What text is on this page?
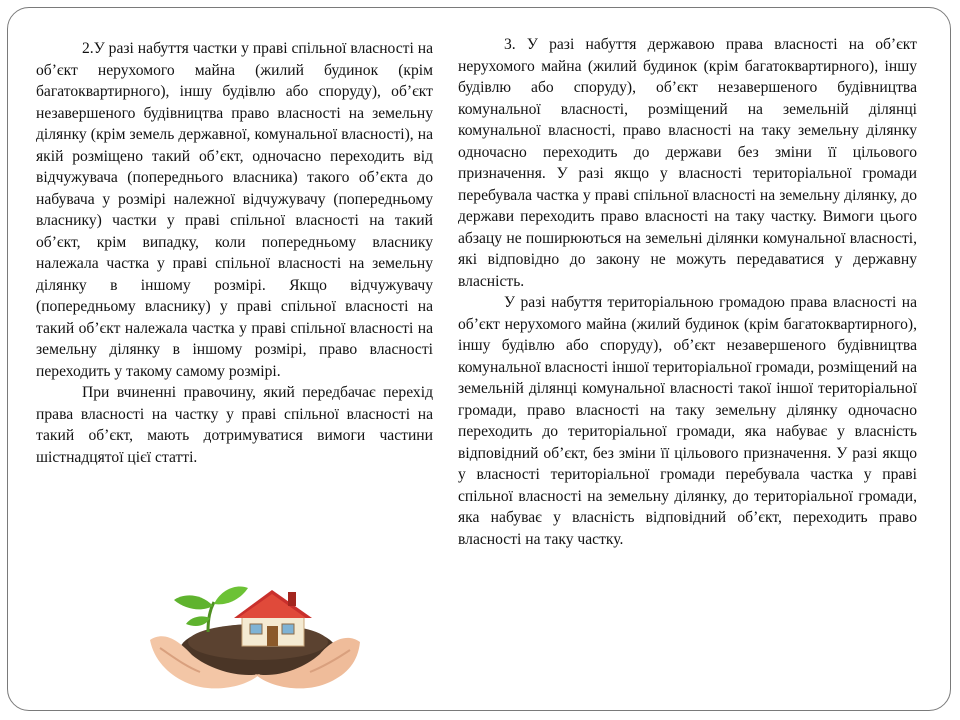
2.У разі набуття частки у праві спільної власності на об’єкт нерухомого майна (жилий будинок (крім багатоквартирного), іншу будівлю або споруду), об’єкт незавершеного будівництва право власності на земельну ділянку (крім земель державної, комунальної власності), на якій розміщено такий об’єкт, одночасно переходить від відчужувача (попереднього власника) такого об’єкта до набувача у розмірі належної відчужувачу (попередньому власнику) частки у праві спільної власності на такий об’єкт, крім випадку, коли попередньому власнику належала частка у праві спільної власності на земельну ділянку в іншому розмірі. Якщо відчужувачу (попередньому власнику) у праві спільної власності на такий об’єкт належала частка у праві спільної власності на земельну ділянку в іншому розмірі, право власності переходить у такому самому розмірі.

При вчиненні правочину, який передбачає перехід права власності на частку у праві спільної власності на такий об’єкт, мають дотримуватися вимоги частини шістнадцятої цієї статті.

3. У разі набуття державою права власності на об’єкт нерухомого майна (жилий будинок (крім багатоквартирного), іншу будівлю або споруду), об’єкт незавершеного будівництва комунальної власності, розміщений на земельній ділянці комунальної власності, право власності на таку земельну ділянку одночасно переходить до держави без зміни її цільового призначення. У разі якщо у власності територіальної громади перебувала частка у праві спільної власності на земельну ділянку, до держави переходить право власності на таку частку. Вимоги цього абзацу не поширюються на земельні ділянки комунальної власності, які відповідно до закону не можуть передаватися у державну власність.

У разі набуття територіальною громадою права власності на об’єкт нерухомого майна (жилий будинок (крім багатоквартирного), іншу будівлю або споруду), об’єкт незавершеного будівництва комунальної власності іншої територіальної громади, розміщений на земельній ділянці комунальної власності такої іншої територіальної громади, право власності на таку земельну ділянку одночасно переходить до територіальної громади, яка набуває у власність відповідний об’єкт, без зміни її цільового призначення. У разі якщо у власності територіальної громади перебувала частка у праві спільної власності на земельну ділянку, до територіальної громади, яка набуває у власність відповідний об’єкт, переходить право власності на таку частку.
